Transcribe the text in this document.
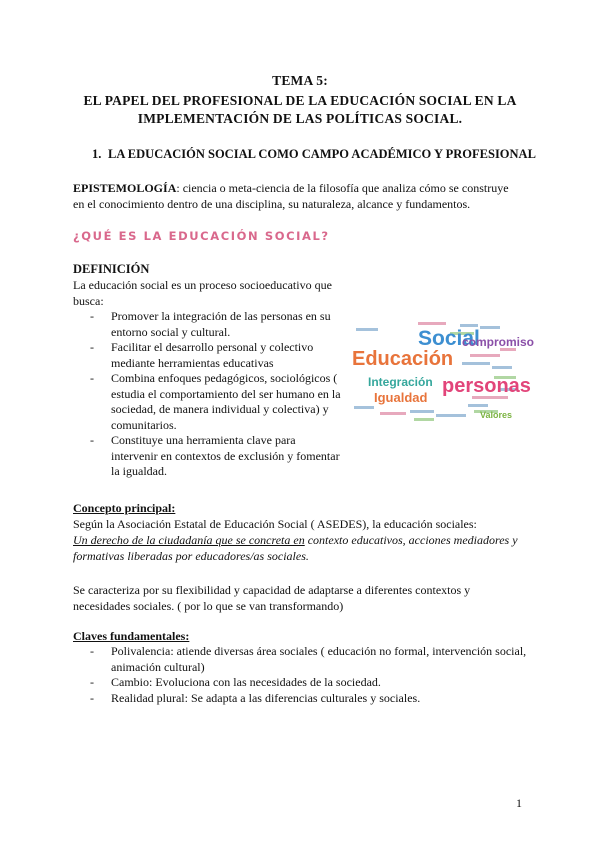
TEMA 5:
EL PAPEL DEL PROFESIONAL DE LA EDUCACIÓN SOCIAL EN LA
IMPLEMENTACIÓN DE LAS POLÍTICAS SOCIAL.
1. LA EDUCACIÓN SOCIAL COMO CAMPO ACADÉMICO Y PROFESIONAL
EPISTEMOLOGÍA: ciencia o meta-ciencia de la filosofía que analiza cómo se construye
en el conocimiento dentro de una disciplina, su naturaleza, alcance y fundamentos.
¿QUÉ ES LA EDUCACIÓN SOCIAL?
DEFINICIÓN
La educación social es un proceso socioeducativo que
busca:
- Promover la integración de las personas en su
entorno social y cultural.
- Facilitar el desarrollo personal y colectivo
mediante herramientas educativas
- Combina enfoques pedagógicos, sociológicos (
estudia el comportamiento del ser humano en la
sociedad, de manera individual y colectiva) y
comunitarios.
- Constituye una herramienta clave para
intervenir en contextos de exclusión y fomentar
la igualdad.
Social
compromiso
Educación
personas
Integración
Igualdad
Valores
Concepto principal:
Según la Asociación Estatal de Educación Social ( ASEDES), la educación sociales:
Un derecho de la ciudadanía que se concreta en contexto educativos, acciones mediadores y
formativas liberadas por educadores/as sociales.
Se caracteriza por su flexibilidad y capacidad de adaptarse a diferentes contextos y
necesidades sociales. ( por lo que se van transformando)
Claves fundamentales:
- Polivalencia: atiende diversas área sociales ( educación no formal, intervención social,
animación cultural)
- Cambio: Evoluciona con las necesidades de la sociedad.
- Realidad plural: Se adapta a las diferencias culturales y sociales.
1
